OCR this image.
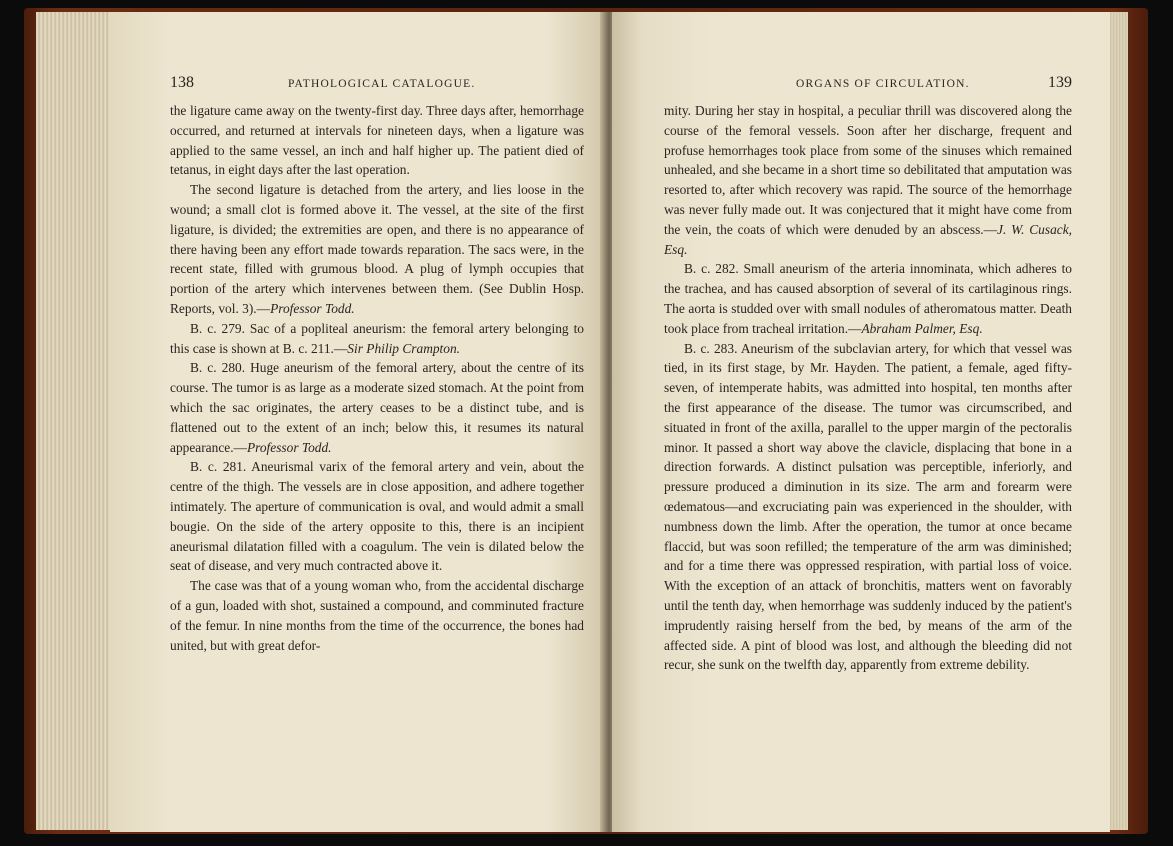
138	PATHOLOGICAL CATALOGUE.

the ligature came away on the twenty-first day. Three days after, hemorrhage occurred, and returned at intervals for nineteen days, when a ligature was applied to the same vessel, an inch and half higher up. The patient died of tetanus, in eight days after the last operation.

The second ligature is detached from the artery, and lies loose in the wound; a small clot is formed above it. The vessel, at the site of the first ligature, is divided; the extremities are open, and there is no appearance of there having been any effort made towards reparation. The sacs were, in the recent state, filled with grumous blood. A plug of lymph occupies that portion of the artery which intervenes between them. (See Dublin Hosp. Reports, vol. 3).—Professor Todd.

B. c. 279. Sac of a popliteal aneurism: the femoral artery belonging to this case is shown at B. c. 211.—Sir Philip Crampton.

B. c. 280. Huge aneurism of the femoral artery, about the centre of its course. The tumor is as large as a moderate sized stomach. At the point from which the sac originates, the artery ceases to be a distinct tube, and is flattened out to the extent of an inch; below this, it resumes its natural appearance.—Professor Todd.

B. c. 281. Aneurismal varix of the femoral artery and vein, about the centre of the thigh. The vessels are in close apposition, and adhere together intimately. The aperture of communication is oval, and would admit a small bougie. On the side of the artery opposite to this, there is an incipient aneurismal dilatation filled with a coagulum. The vein is dilated below the seat of disease, and very much contracted above it.

The case was that of a young woman who, from the accidental discharge of a gun, loaded with shot, sustained a compound, and comminuted fracture of the femur. In nine months from the time of the occurrence, the bones had united, but with great defor-

ORGANS OF CIRCULATION.	139

mity. During her stay in hospital, a peculiar thrill was discovered along the course of the femoral vessels. Soon after her discharge, frequent and profuse hemorrhages took place from some of the sinuses which remained unhealed, and she became in a short time so debilitated that amputation was resorted to, after which recovery was rapid. The source of the hemorrhage was never fully made out. It was conjectured that it might have come from the vein, the coats of which were denuded by an abscess.—J. W. Cusack, Esq.

B. c. 282. Small aneurism of the arteria innominata, which adheres to the trachea, and has caused absorption of several of its cartilaginous rings. The aorta is studded over with small nodules of atheromatous matter. Death took place from tracheal irritation.—Abraham Palmer, Esq.

B. c. 283. Aneurism of the subclavian artery, for which that vessel was tied, in its first stage, by Mr. Hayden. The patient, a female, aged fifty-seven, of intemperate habits, was admitted into hospital, ten months after the first appearance of the disease. The tumor was circumscribed, and situated in front of the axilla, parallel to the upper margin of the pectoralis minor. It passed a short way above the clavicle, displacing that bone in a direction forwards. A distinct pulsation was perceptible, inferiorly, and pressure produced a diminution in its size. The arm and forearm were œdematous—and excruciating pain was experienced in the shoulder, with numbness down the limb. After the operation, the tumor at once became flaccid, but was soon refilled; the temperature of the arm was diminished; and for a time there was oppressed respiration, with partial loss of voice. With the exception of an attack of bronchitis, matters went on favorably until the tenth day, when hemorrhage was suddenly induced by the patient's imprudently raising herself from the bed, by means of the arm of the affected side. A pint of blood was lost, and although the bleeding did not recur, she sunk on the twelfth day, apparently from extreme debility.
